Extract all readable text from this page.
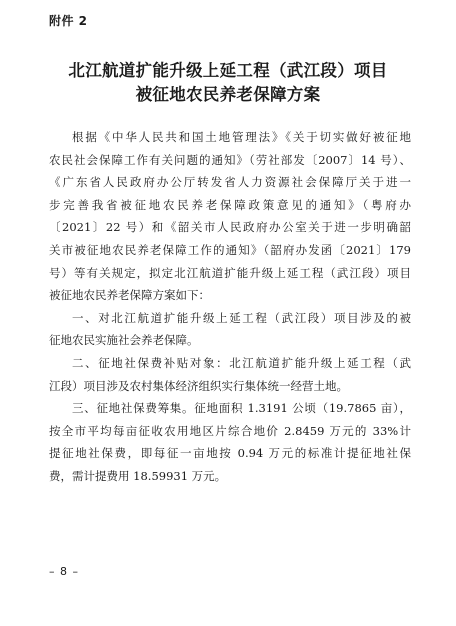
附件 2
北江航道扩能升级上延工程（武江段）项目
被征地农民养老保障方案
根据《中华人民共和国土地管理法》《关于切实做好被征地
农民社会保障工作有关问题的通知》（劳社部发〔2007〕14 号）、
《广东省人民政府办公厅转发省人力资源社会保障厅关于进一
步完善我省被征地农民养老保障政策意见的通知》（粤府办
〔2021〕22 号）和《韶关市人民政府办公室关于进一步明确韶
关市被征地农民养老保障工作的通知》（韶府办发函〔2021〕179
号）等有关规定，拟定北江航道扩能升级上延工程（武江段）项目
被征地农民养老保障方案如下：
一、对北江航道扩能升级上延工程（武江段）项目涉及的被
征地农民实施社会养老保障。
二、征地社保费补贴对象：北江航道扩能升级上延工程（武
江段）项目涉及农村集体经济组织实行集体统一经营土地。
三、征地社保费筹集。征地面积 1.3191 公顷（19.7865 亩），
按全市平均每亩征收农用地区片综合地价 2.8459 万元的 33%计
提征地社保费，即每征一亩地按 0.94 万元的标准计提征地社保
费，需计提费用 18.59931 万元。
– 8 –
